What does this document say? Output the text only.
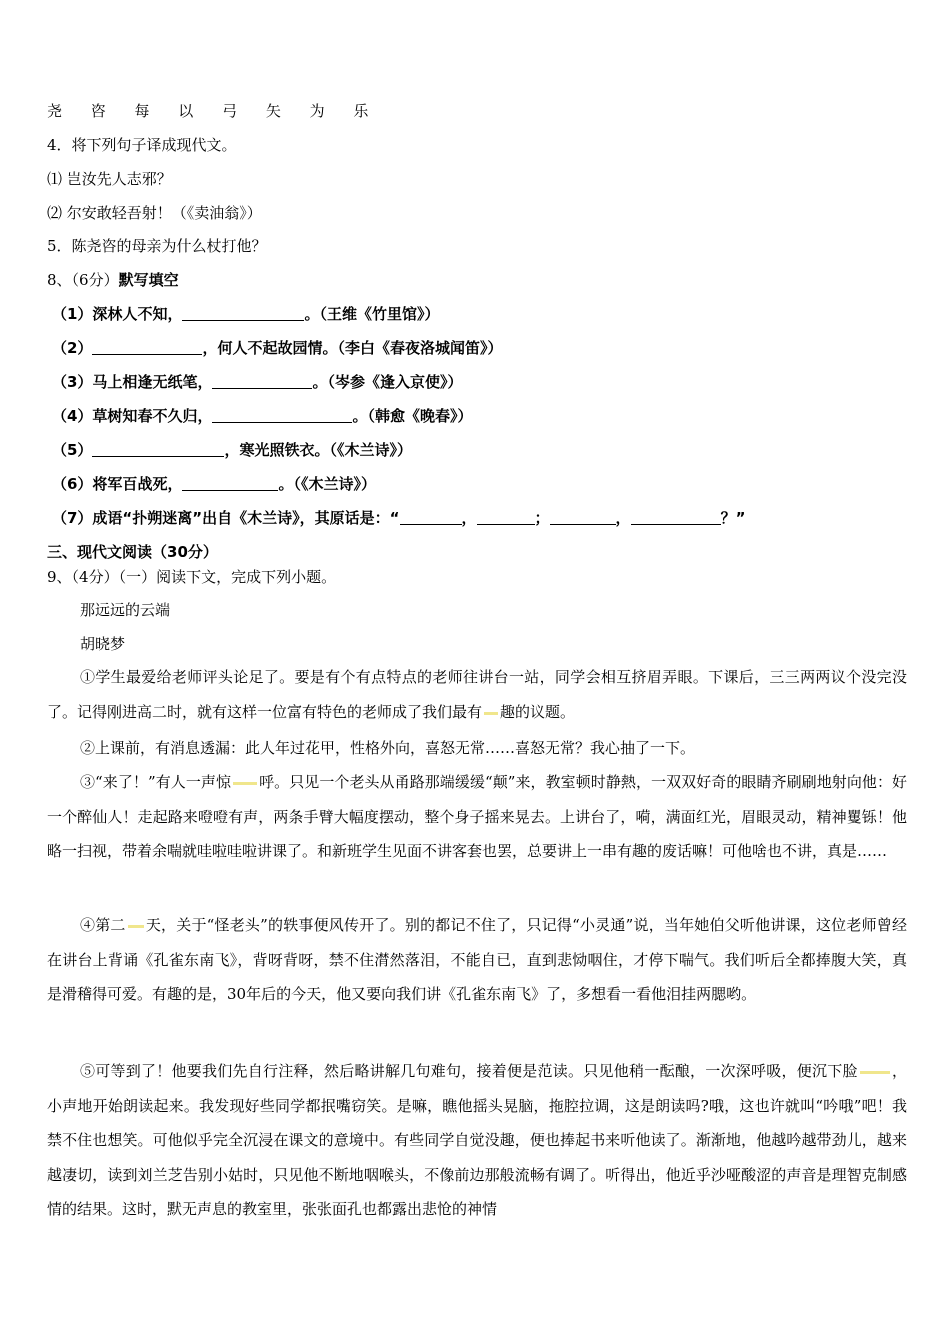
尧 咨 每 以 弓 矢 为 乐
4．将下列句子译成现代文。
⑴ 岂汝先人志邪？
⑵ 尔安敢轻吾射！（《卖油翁》）
5．陈尧咨的母亲为什么杖打他？
8、（6分）默写填空
（1）深林人不知，	。（王维《竹里馆》）
（2）	，何人不起故园情。（李白《春夜洛城闻笛》）
（3）马上相逢无纸笔，	。（岑参《逢入京使》）
（4）草树知春不久归，	。（韩愈《晚春》）
（5）	，寒光照铁衣。（《木兰诗》）
（6）将军百战死，	。（《木兰诗》）
（7）成语“扑朔迷离”出自《木兰诗》，其原话是：“	，	；	，	？”
三、现代文阅读（30分）
9、（4分）（一）阅读下文，完成下列小题。
那远远的云端
胡晓梦
①学生最爱给老师评头论足了。要是有个有点特点的老师往讲台一站，同学会相互挤眉弄眼。下课后，三三两两议个没完没了。记得刚进高二时，就有这样一位富有特色的老师成了我们最有 趣的议题。
②上课前，有消息透漏：此人年过花甲，性格外向，喜怒无常……喜怒无常？我心抽了一下。
③“来了！”有人一声惊 呼。只见一个老头从甬路那端缓缓“颠”来，教室顿时静熱，一双双好奇的眼睛齐刷刷地射向他：好一个醉仙人！走起路来噔噔有声，两条手臂大幅度摆动，整个身子摇来晃去。上讲台了，嗬，满面红光，眉眼灵动，精神矍铄！他略一扫视，带着余喘就哇啦哇啦讲课了。和新班学生见面不讲客套也罢，总要讲上一串有趣的废话嘛！可他啥也不讲，真是……
④第二 天，关于“怪老头”的轶事便风传开了。别的都记不住了，只记得“小灵通”说，当年她伯父听他讲课，这位老师曾经在讲台上背诵《孔雀东南飞》，背呀背呀，禁不住潸然落泪，不能自已，直到悲恸咽住，才停下喘气。我们听后全都捧腹大笑，真是滑稽得可爱。有趣的是，30年后的今天，他又要向我们讲《孔雀东南飞》了，多想看一看他泪挂两腮哟。
⑤可等到了！他要我们先自行注释，然后略讲解几句难句，接着便是范读。只见他稍一酝酿，一次深呼吸，便沉下脸 ，小声地开始朗读起来。我发现好些同学都抿嘴窃笑。是嘛，瞧他摇头晃脑，拖腔拉调，这是朗读吗?哦，这也许就叫“吟哦”吧！我禁不住也想笑。可他似乎完全沉浸在课文的意境中。有些同学自觉没趣，便也捧起书来听他读了。渐渐地，他越吟越带劲儿，越来越凄切，读到刘兰芝告别小姑时，只见他不断地咽喉头，不像前边那般流畅有调了。听得出，他近乎沙哑酸涩的声音是理智克制感情的结果。这时，默无声息的教室里，张张面孔也都露出悲怆的神情
